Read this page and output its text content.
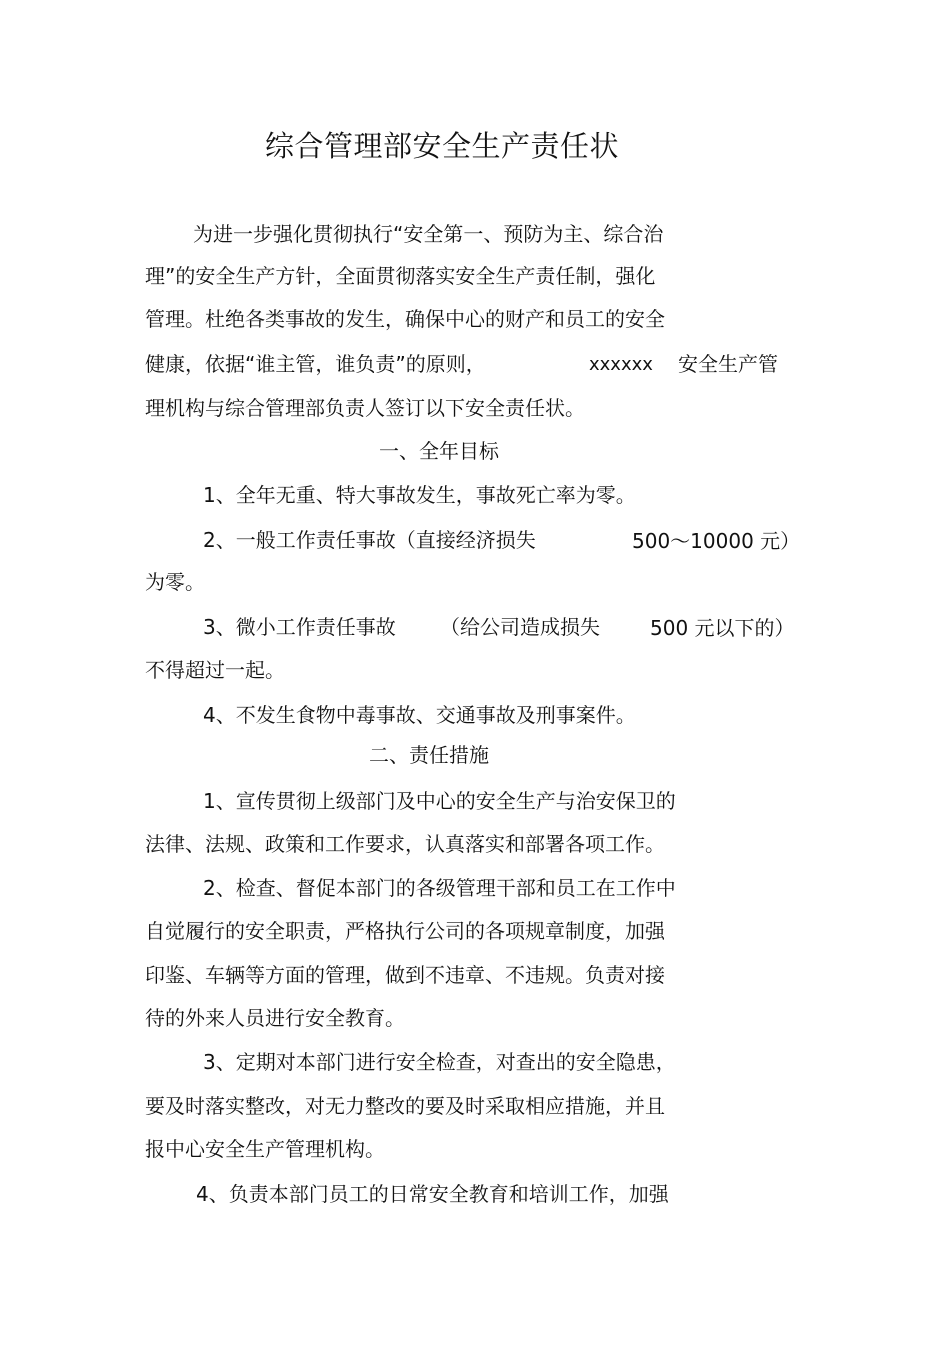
综合管理部安全生产责任状
为进一步强化贯彻执行“安全第一、预防为主、综合治
理”的安全生产方针，全面贯彻落实安全生产责任制，强化
管理。杜绝各类事故的发生，确保中心的财产和员工的安全
健康，依据“谁主管，谁负责”的原则，	xxxxxx 安全生产管
理机构与综合管理部负责人签订以下安全责任状。
一、全年目标
1、全年无重、特大事故发生，事故死亡率为零。
2、一般工作责任事故（直接经济损失	500～10000 元）
为零。
3、微小工作责任事故 （给公司造成损失	500 元以下的）
不得超过一起。
4、不发生食物中毒事故、交通事故及刑事案件。
二、责任措施
1、宣传贯彻上级部门及中心的安全生产与治安保卫的
法律、法规、政策和工作要求，认真落实和部署各项工作。
2、检查、督促本部门的各级管理干部和员工在工作中
自觉履行的安全职责，严格执行公司的各项规章制度，加强
印鉴、车辆等方面的管理，做到不违章、不违规。负责对接
待的外来人员进行安全教育。
3、定期对本部门进行安全检查，对查出的安全隐患，
要及时落实整改，对无力整改的要及时采取相应措施，并且
报中心安全生产管理机构。
4、负责本部门员工的日常安全教育和培训工作，加强
